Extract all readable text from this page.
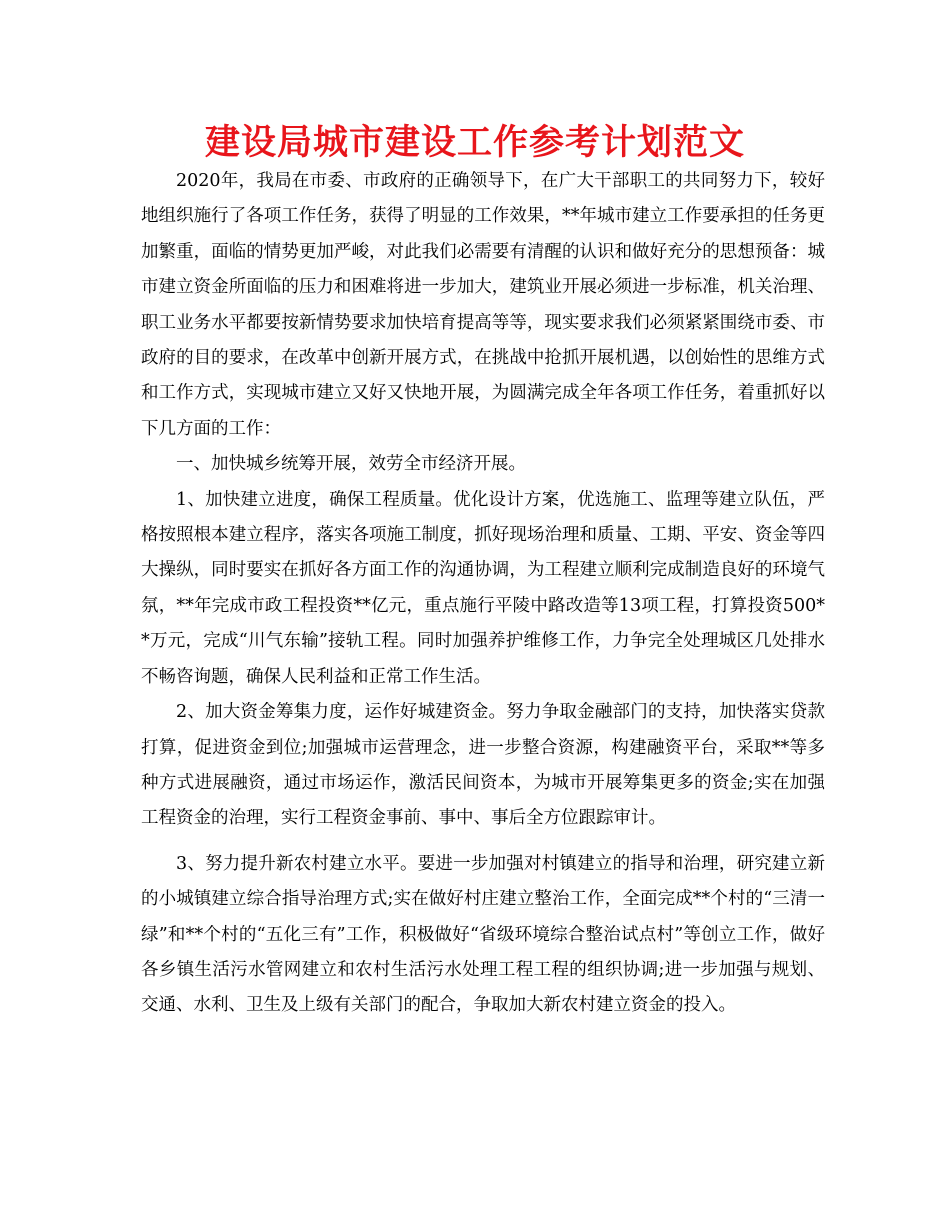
建设局城市建设工作参考计划范文

2020年，我局在市委、市政府的正确领导下，在广大干部职工的共同努力下，较好地组织施行了各项工作任务，获得了明显的工作效果，**年城市建立工作要承担的任务更加繁重，面临的情势更加严峻，对此我们必需要有清醒的认识和做好充分的思想预备：城市建立资金所面临的压力和困难将进一步加大，建筑业开展必须进一步标准，机关治理、职工业务水平都要按新情势要求加快培育提高等等，现实要求我们必须紧紧围绕市委、市政府的目的要求，在改革中创新开展方式，在挑战中抢抓开展机遇，以创始性的思维方式和工作方式，实现城市建立又好又快地开展，为圆满完成全年各项工作任务，着重抓好以下几方面的工作：

一、加快城乡统筹开展，效劳全市经济开展。

1、加快建立进度，确保工程质量。优化设计方案，优选施工、监理等建立队伍，严格按照根本建立程序，落实各项施工制度，抓好现场治理和质量、工期、平安、资金等四大操纵，同时要实在抓好各方面工作的沟通协调，为工程建立顺利完成制造良好的环境气氛，**年完成市政工程投资**亿元，重点施行平陵中路改造等13项工程，打算投资500**万元，完成“川气东输”接轨工程。同时加强养护维修工作，力争完全处理城区几处排水不畅咨询题，确保人民利益和正常工作生活。

2、加大资金筹集力度，运作好城建资金。努力争取金融部门的支持，加快落实贷款打算，促进资金到位;加强城市运营理念，进一步整合资源，构建融资平台，采取**等多种方式进展融资，通过市场运作，激活民间资本，为城市开展筹集更多的资金;实在加强工程资金的治理，实行工程资金事前、事中、事后全方位跟踪审计。

3、努力提升新农村建立水平。要进一步加强对村镇建立的指导和治理，研究建立新的小城镇建立综合指导治理方式;实在做好村庄建立整治工作，全面完成**个村的“三清一绿”和**个村的“五化三有”工作，积极做好“省级环境综合整治试点村”等创立工作，做好各乡镇生活污水管网建立和农村生活污水处理工程工程的组织协调;进一步加强与规划、交通、水利、卫生及上级有关部门的配合，争取加大新农村建立资金的投入。
